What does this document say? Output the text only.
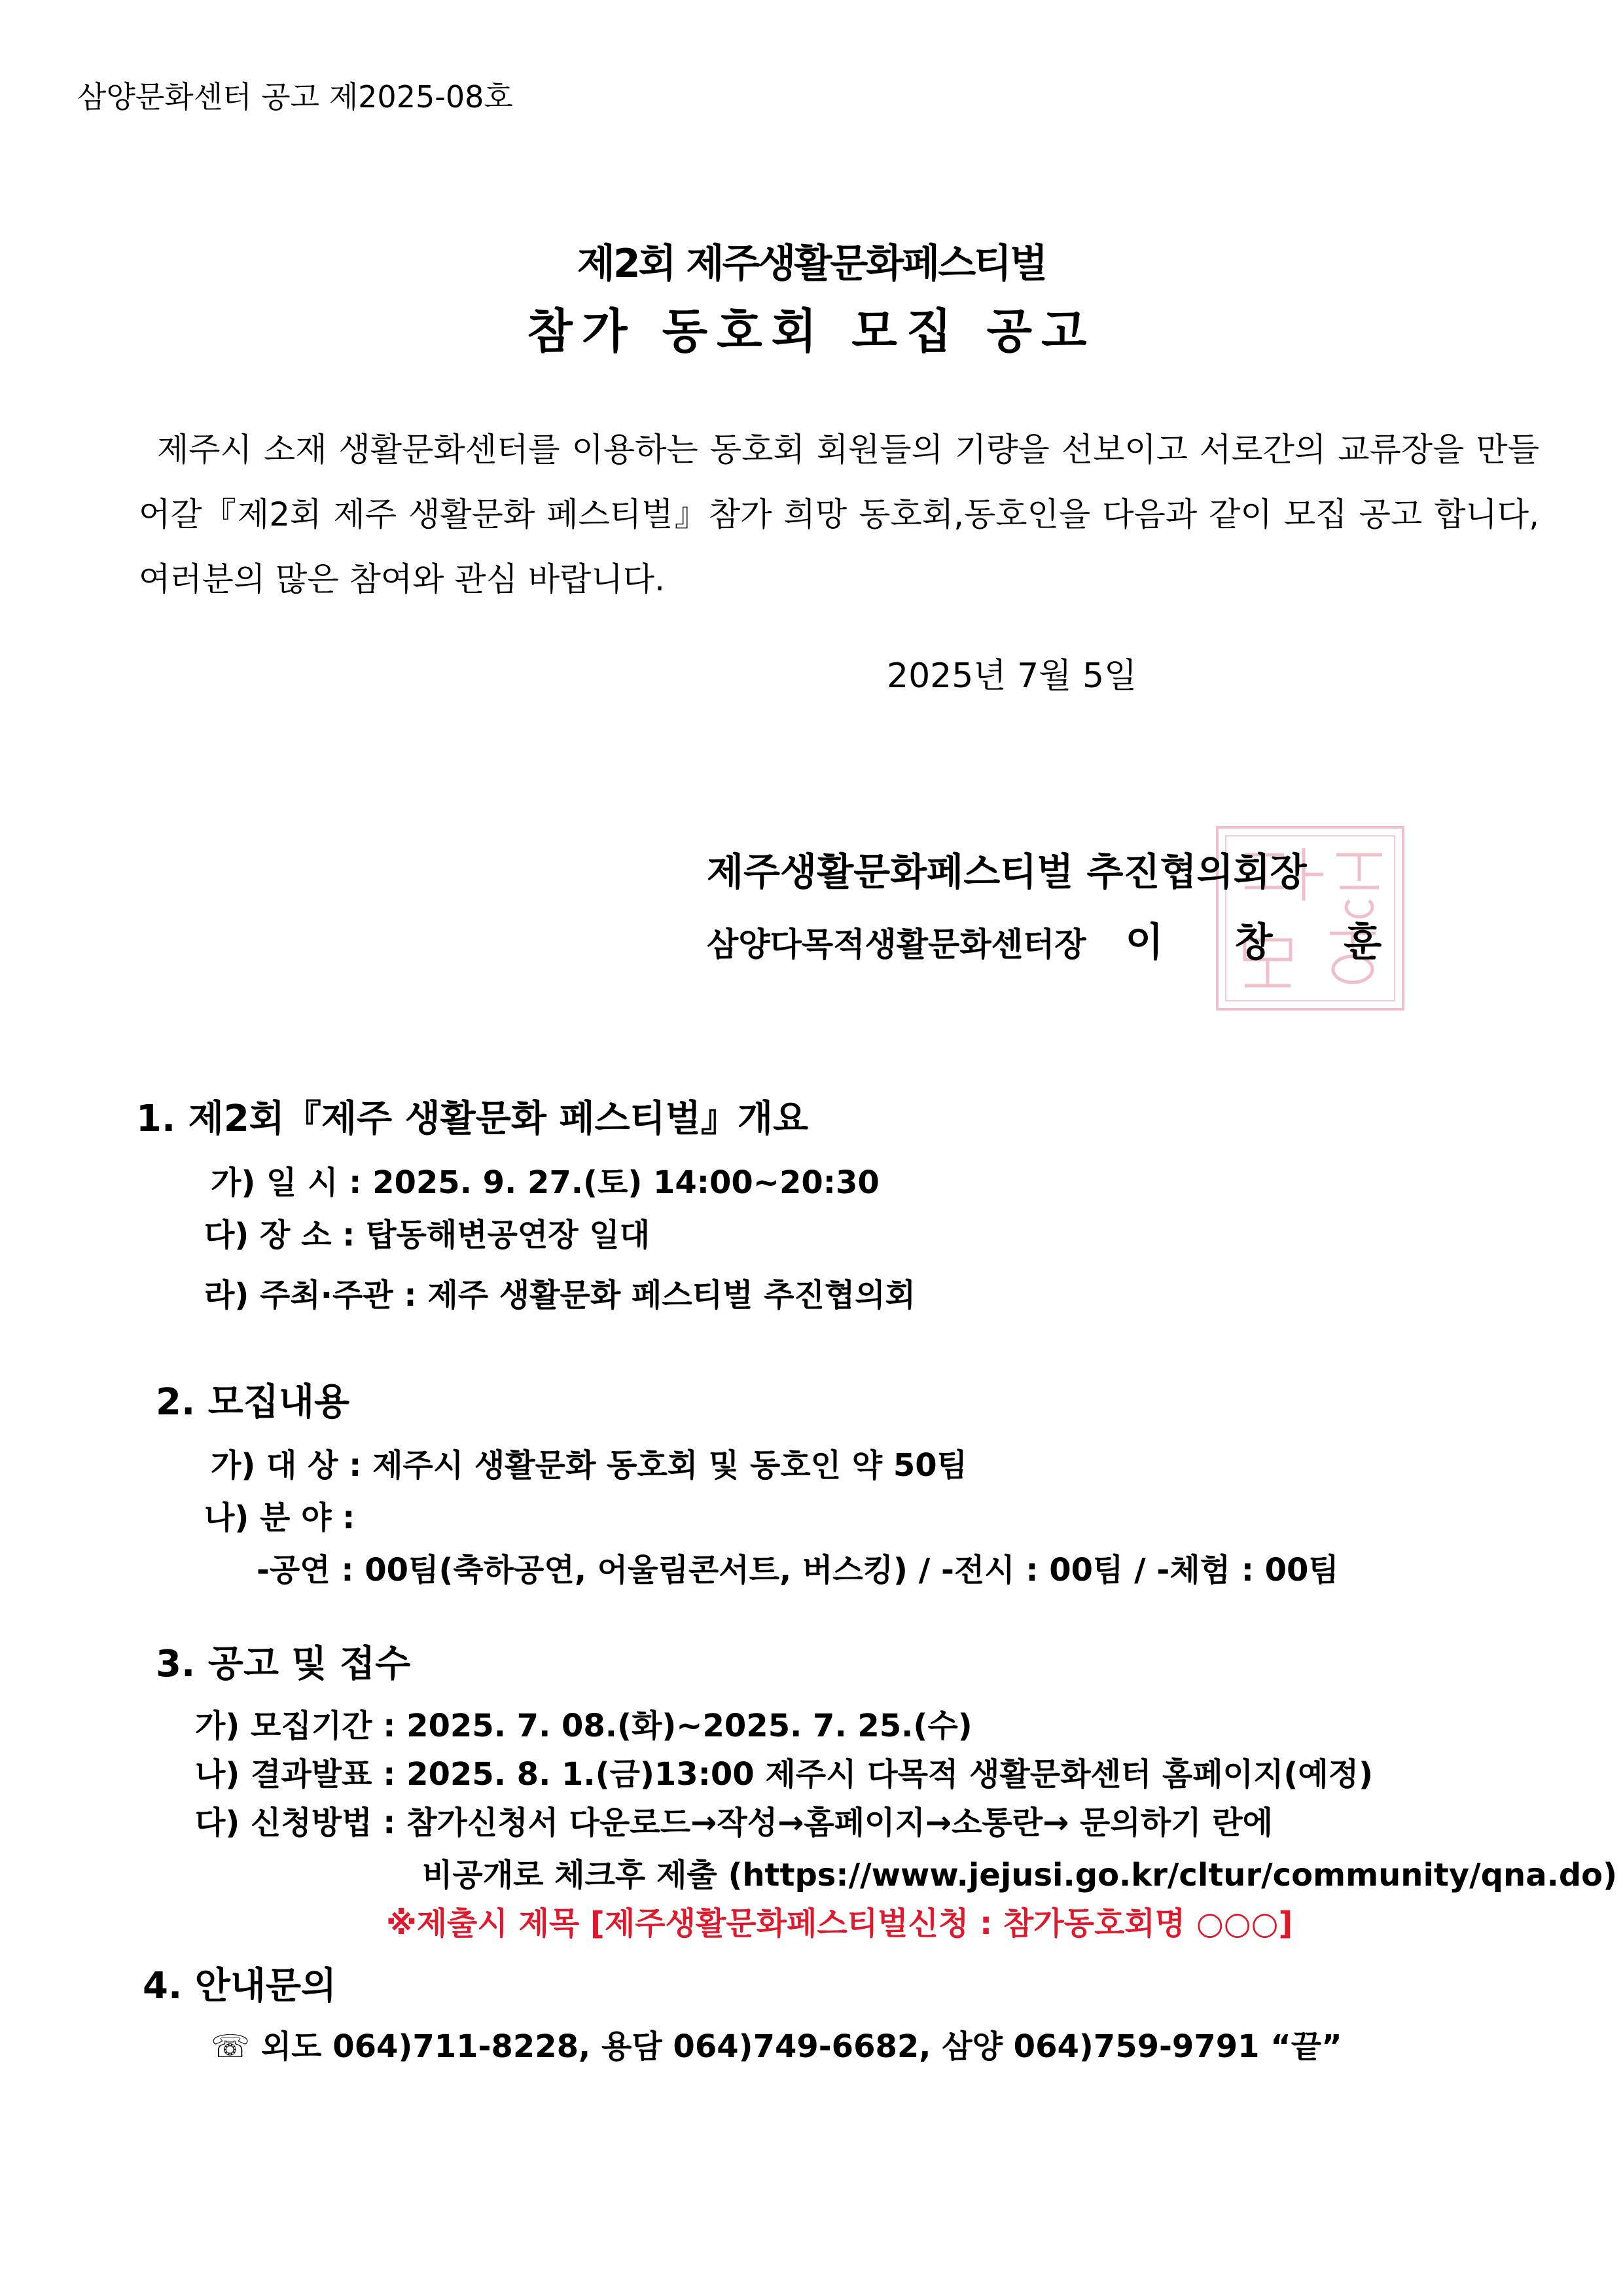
삼양문화센터 공고 제2025-08호
제2회 제주생활문화페스티벌
참가 동호회 모집 공고
제주시 소재 생활문화센터를 이용하는 동호회 회원들의 기량을 선보이고 서로간의 교류장을 만들어갈『제2회 제주 생활문화 페스티벌』참가 희망 동호회,동호인을 다음과 같이 모집 공고 합니다, 여러분의 많은 참여와 관심 바랍니다.
2025년 7월 5일
제주생활문화페스티벌 추진협의회장
삼양다목적생활문화센터장 이 창 훈
1. 제2회『제주 생활문화 페스티벌』개요
가) 일 시 : 2025. 9. 27.(토) 14:00~20:30
다) 장 소 : 탑동해변공연장 일대
라) 주최·주관 : 제주 생활문화 페스티벌 추진협의회
2. 모집내용
가) 대 상 : 제주시 생활문화 동호회 및 동호인 약 50팀
나) 분 야 :
-공연 : 00팀(축하공연, 어울림콘서트, 버스킹) / -전시 : 00팀 / -체험 : 00팀
3. 공고 및 접수
가) 모집기간 : 2025. 7. 08.(화)~2025. 7. 25.(수)
나) 결과발표 : 2025. 8. 1.(금)13:00 제주시 다목적 생활문화센터 홈페이지(예정)
다) 신청방법 : 참가신청서 다운로드→작성→홈페이지→소통란→ 문의하기 란에
비공개로 체크후 제출 (https://www.jejusi.go.kr/cltur/community/qna.do)
※제출시 제목 [제주생활문화페스티벌신청 : 참가동호회명 ○○○]
4. 안내문의
☏ 외도 064)711-8228, 용담 064)749-6682, 삼양 064)759-9791 “끝”
